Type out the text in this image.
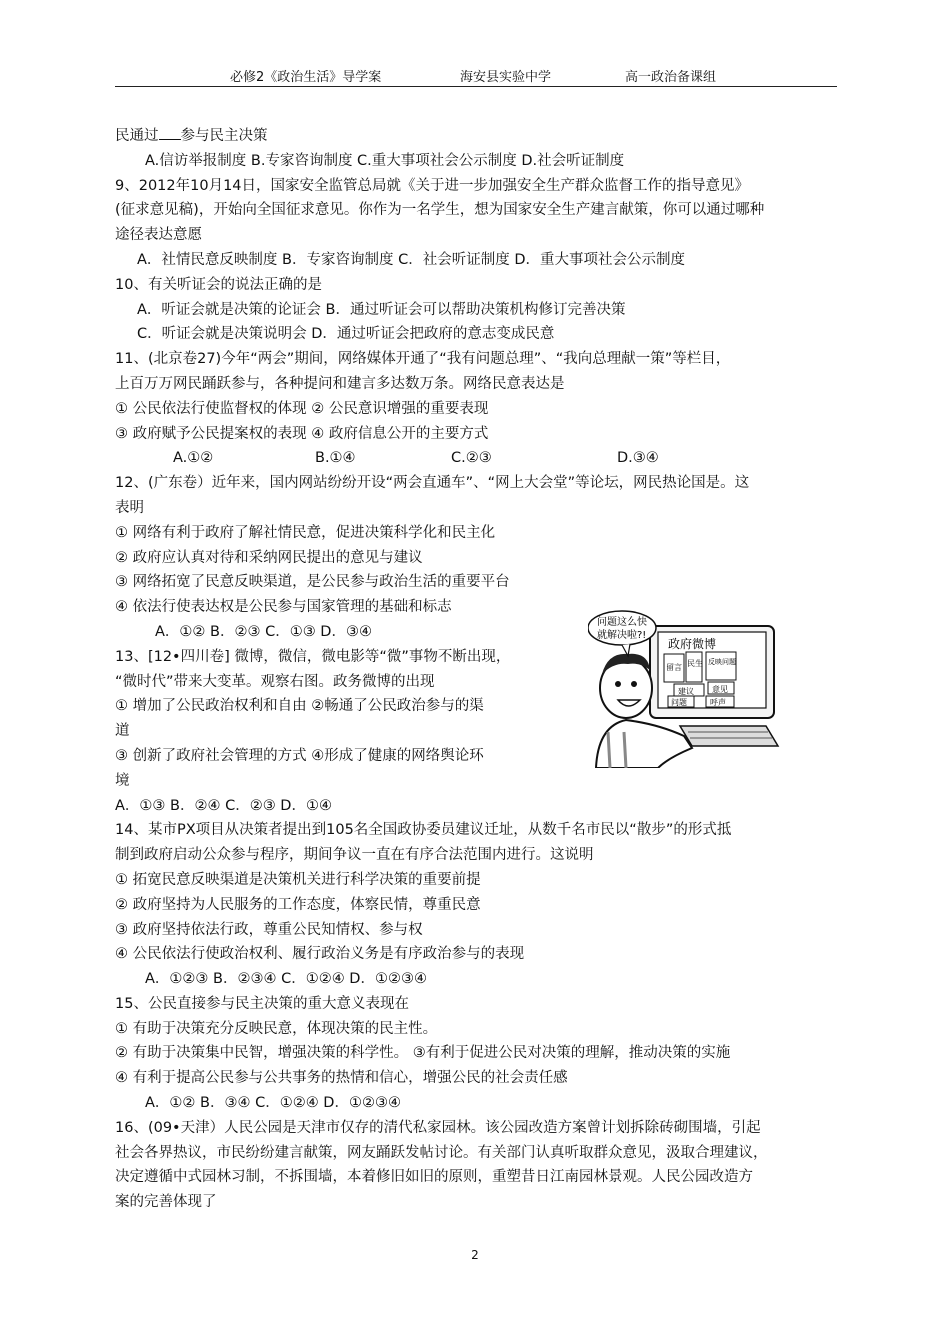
必修2《政治生活》导学案	海安县实验中学	高一政治备课组
民通过 参与民主决策
A.信访举报制度 B.专家咨询制度 C.重大事项社会公示制度 D.社会听证制度
9、2012年10月14日，国家安全监管总局就《关于进一步加强安全生产群众监督工作的指导意见》
(征求意见稿)，开始向全国征求意见。你作为一名学生，想为国家安全生产建言献策，你可以通过哪种
途径表达意愿
A．社情民意反映制度 B．专家咨询制度 C．社会听证制度 D．重大事项社会公示制度
10、有关听证会的说法正确的是
A．听证会就是决策的论证会 B．通过听证会可以帮助决策机构修订完善决策
C．听证会就是决策说明会 D．通过听证会把政府的意志变成民意
11、(北京卷27)今年“两会”期间，网络媒体开通了“我有问题总理”、“我向总理献一策”等栏目，
上百万万网民踊跃参与，各种提问和建言多达数万条。网络民意表达是
① 公民依法行使监督权的体现 ② 公民意识增强的重要表现
③ 政府赋予公民提案权的表现 ④ 政府信息公开的主要方式
A.①②	B.①④	C.②③	D.③④
12、(广东卷）近年来，国内网站纷纷开设“两会直通车”、“网上大会堂”等论坛，网民热论国是。这
表明
① 网络有利于政府了解社情民意，促进决策科学化和民主化
② 政府应认真对待和采纳网民提出的意见与建议
③ 网络拓宽了民意反映渠道，是公民参与政治生活的重要平台
④ 依法行使表达权是公民参与国家管理的基础和标志
A．①② B．②③ C．①③ D．③④
13、[12•四川卷] 微博，微信，微电影等“微”事物不断出现，
“微时代”带来大变革。观察右图。政务微博的出现
① 增加了公民政治权利和自由 ②畅通了公民政治参与的渠
道
③ 创新了政府社会管理的方式 ④形成了健康的网络舆论环
境
A．①③ B．②④ C．②③ D．①④
14、某市PX项目从决策者提出到105名全国政协委员建议迁址，从数千名市民以“散步”的形式抵
制到政府启动公众参与程序，期间争议一直在有序合法范围内进行。这说明
① 拓宽民意反映渠道是决策机关进行科学决策的重要前提
② 政府坚持为人民服务的工作态度，体察民情，尊重民意
③ 政府坚持依法行政，尊重公民知情权、参与权
④ 公民依法行使政治权利、履行政治义务是有序政治参与的表现
A．①②③ B．②③④ C．①②④ D．①②③④
15、公民直接参与民主决策的重大意义表现在
① 有助于决策充分反映民意，体现决策的民主性。
② 有助于决策集中民智，增强决策的科学性。 ③有利于促进公民对决策的理解，推动决策的实施
④ 有利于提高公民参与公共事务的热情和信心，增强公民的社会责任感
A．①② B．③④ C．①②④ D．①②③④
16、(09•天津）人民公园是天津市仅存的清代私家园林。该公园改造方案曾计划拆除砖砌围墙，引起
社会各界热议，市民纷纷建言献策，网友踊跃发帖讨论。有关部门认真听取群众意见，汲取合理建议，
决定遵循中式园林习制，不拆围墙，本着修旧如旧的原则，重塑昔日江南园林景观。人民公园改造方
案的完善体现了
政府微博
留言 民生 反映问题
建议 意见
问题	呼声
问题这么快
就解决啦?!
2
